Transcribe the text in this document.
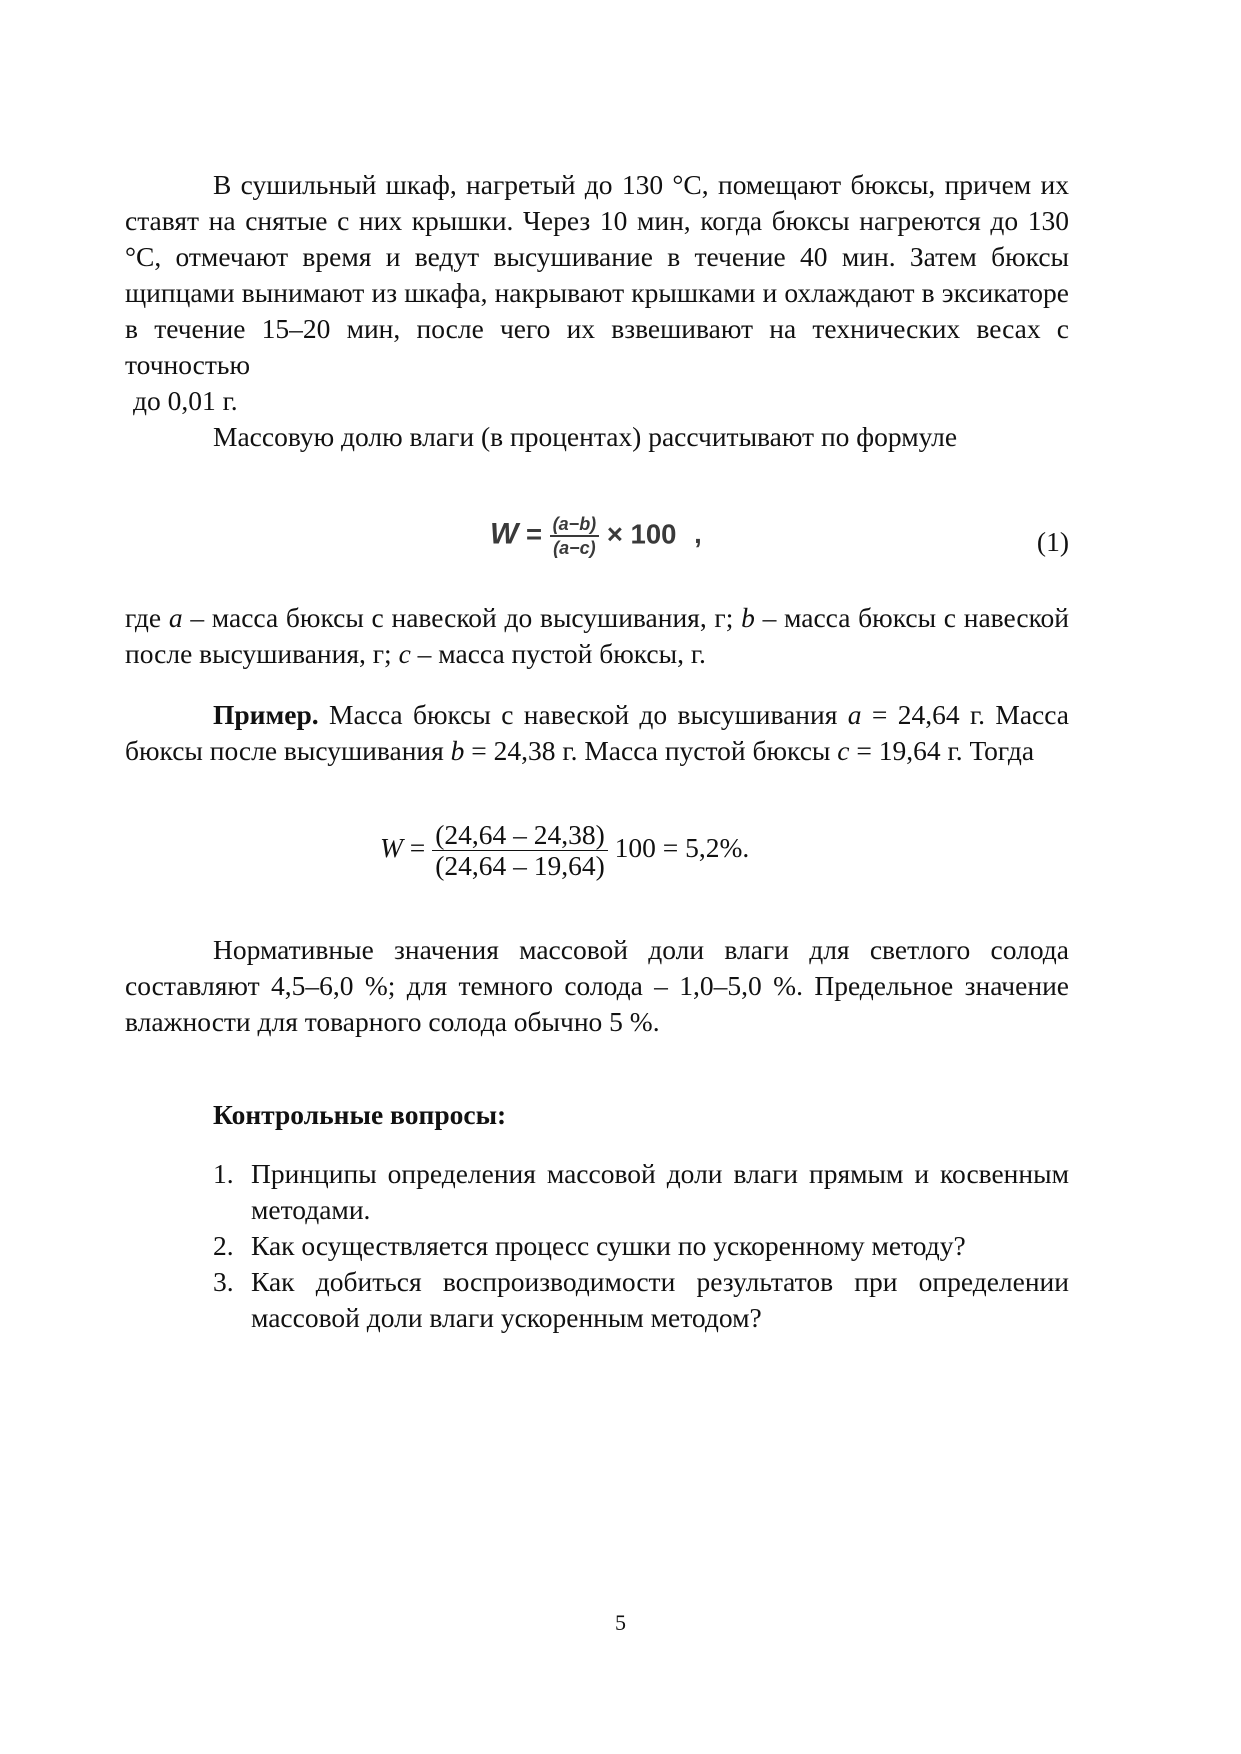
В сушильный шкаф, нагретый до 130 °С, помещают бюксы, причем их ставят на снятые с них крышки. Через 10 мин, когда бюксы нагреются до 130 °С, отмечают время и ведут высушивание в течение 40 мин. Затем бюксы щипцами вынимают из шкафа, накрывают крышками и охлаждают в эксикаторе в течение 15–20 мин, после чего их взвешивают на технических весах с точностью

до 0,01 г.

Массовую долю влаги (в процентах) рассчитывают по формуле

$W = \frac{(a-b)}{(a-c)} \times 100$ ,	(1)

где a – масса бюксы с навеской до высушивания, г; b – масса бюксы с навеской после высушивания, г; c – масса пустой бюксы, г.

Пример. Масса бюксы с навеской до высушивания а = 24,64 г. Масса бюксы после высушивания b = 24,38 г. Масса пустой бюксы c = 19,64 г. Тогда

$W = \frac{(24,64 - 24,38)}{(24,64 - 19,64)} 100 = 5,2\%$.

Нормативные значения массовой доли влаги для светлого солода составляют 4,5–6,0 %; для темного солода – 1,0–5,0 %. Предельное значение влажности для товарного солода обычно 5 %.

Контрольные вопросы:
1. Принципы определения массовой доли влаги прямым и косвенным методами.
2. Как осуществляется процесс сушки по ускоренному методу?
3. Как добиться воспроизводимости результатов при определении массовой доли влаги ускоренным методом?
5
